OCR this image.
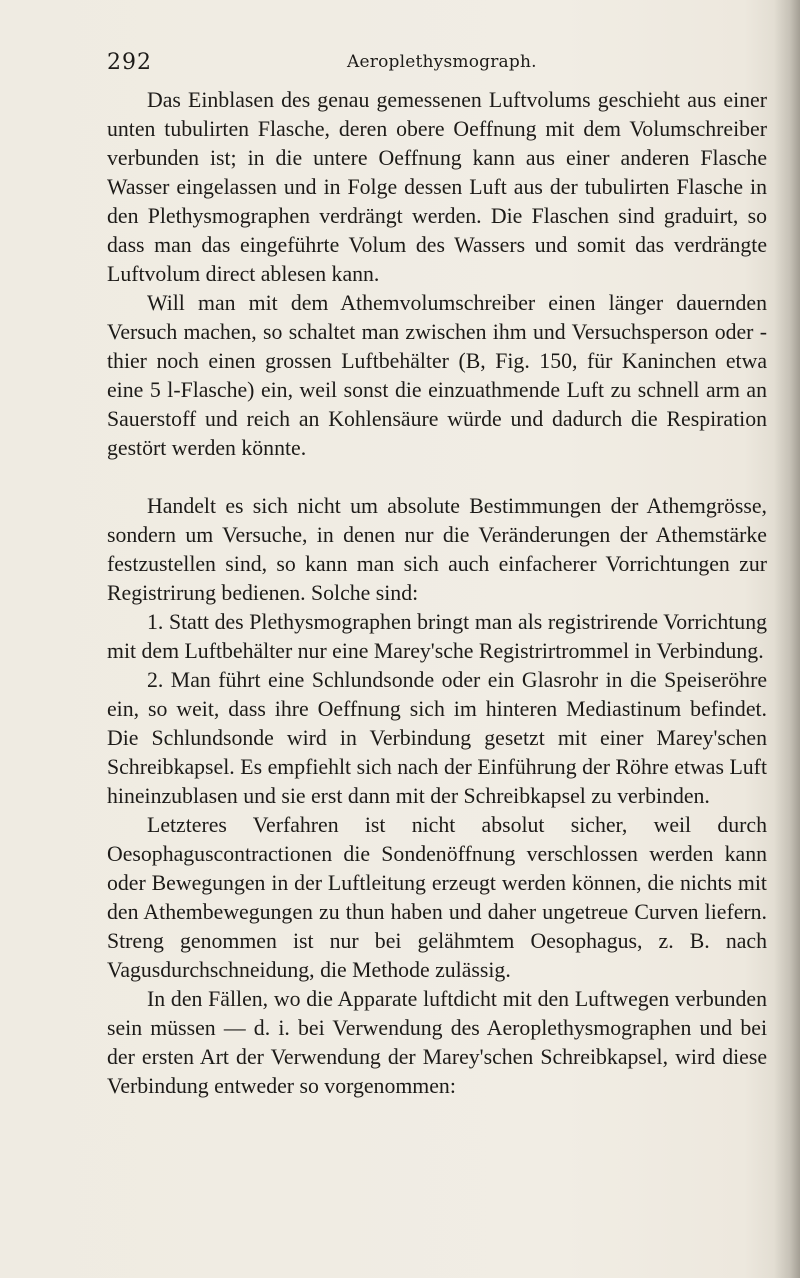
292	Aeroplethysmograph.

Das Einblasen des genau gemessenen Luftvolums geschieht aus einer unten tubulirten Flasche, deren obere Oeffnung mit dem Volumschreiber verbunden ist; in die untere Oeffnung kann aus einer anderen Flasche Wasser eingelassen und in Folge dessen Luft aus der tubulirten Flasche in den Plethysmographen verdrängt werden. Die Flaschen sind graduirt, so dass man das eingeführte Volum des Wassers und somit das verdrängte Luftvolum direct ablesen kann.

Will man mit dem Athemvolumschreiber einen länger dauernden Versuch machen, so schaltet man zwischen ihm und Versuchsperson oder -thier noch einen grossen Luftbehälter (B, Fig. 150, für Kaninchen etwa eine 5 l-Flasche) ein, weil sonst die einzuathmende Luft zu schnell arm an Sauerstoff und reich an Kohlensäure würde und dadurch die Respiration gestört werden könnte.

Handelt es sich nicht um absolute Bestimmungen der Athemgrösse, sondern um Versuche, in denen nur die Veränderungen der Athemstärke festzustellen sind, so kann man sich auch einfacherer Vorrichtungen zur Registrirung bedienen. Solche sind:

1. Statt des Plethysmographen bringt man als registrirende Vorrichtung mit dem Luftbehälter nur eine Marey'sche Registrirtrommel in Verbindung.

2. Man führt eine Schlundsonde oder ein Glasrohr in die Speiseröhre ein, so weit, dass ihre Oeffnung sich im hinteren Mediastinum befindet. Die Schlundsonde wird in Verbindung gesetzt mit einer Marey'schen Schreibkapsel. Es empfiehlt sich nach der Einführung der Röhre etwas Luft hineinzublasen und sie erst dann mit der Schreibkapsel zu verbinden.

Letzteres Verfahren ist nicht absolut sicher, weil durch Oesophaguscontractionen die Sondenöffnung verschlossen werden kann oder Bewegungen in der Luftleitung erzeugt werden können, die nichts mit den Athembewegungen zu thun haben und daher ungetreue Curven liefern. Streng genommen ist nur bei gelähmtem Oesophagus, z. B. nach Vagusdurchschneidung, die Methode zulässig.

In den Fällen, wo die Apparate luftdicht mit den Luftwegen verbunden sein müssen — d. i. bei Verwendung des Aeroplethysmographen und bei der ersten Art der Verwendung der Marey'schen Schreibkapsel, wird diese Verbindung entweder so vorgenommen:
